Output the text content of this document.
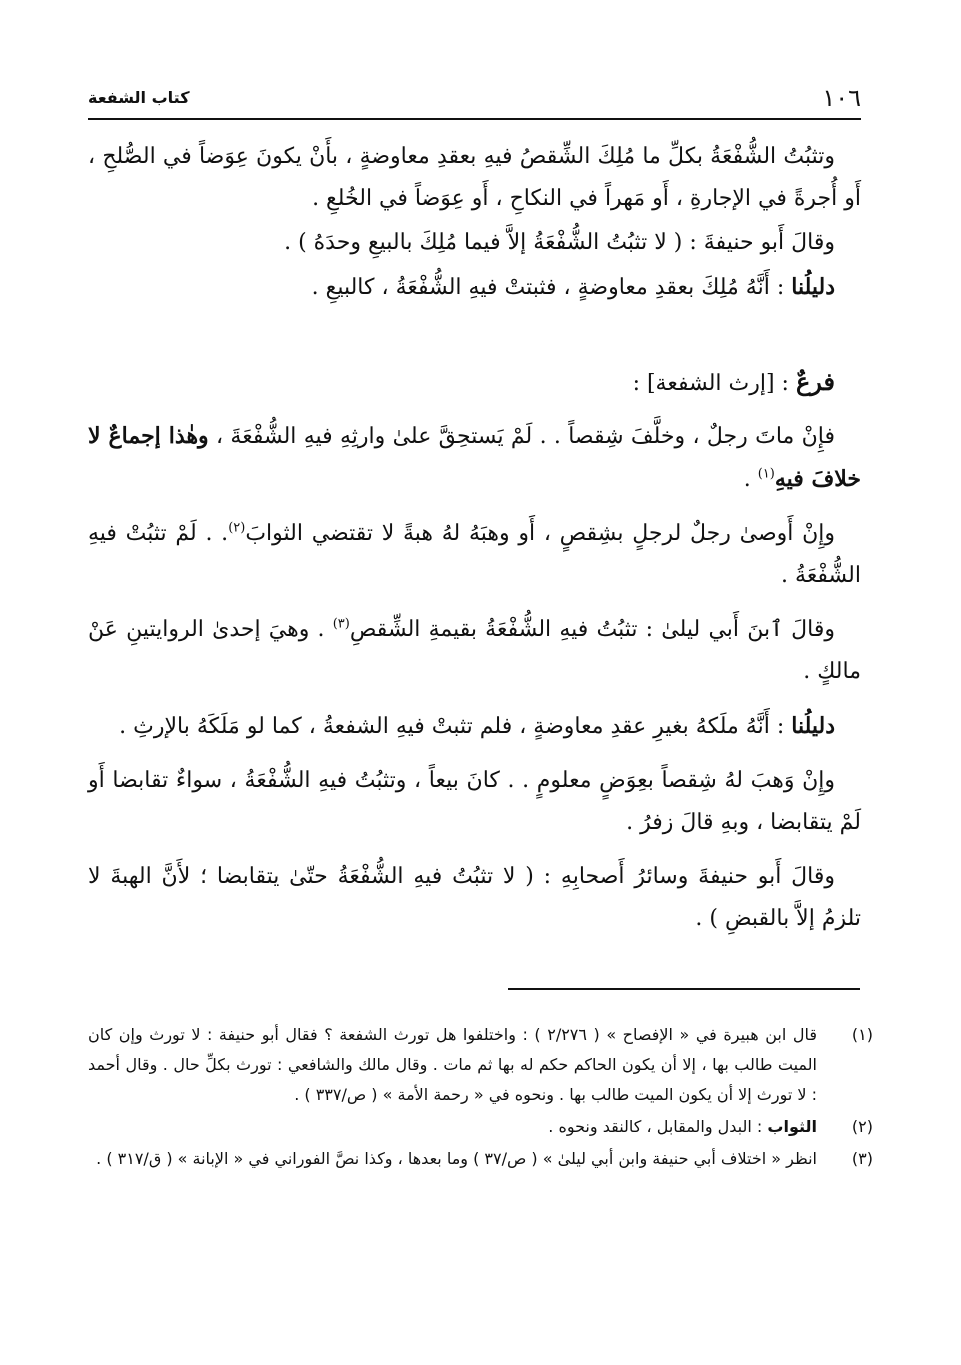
١٠٦
كتاب الشفعة

وتثبُتُ الشُّفْعَةُ بكلِّ ما مُلِكَ الشِّقصُ فيهِ بعقدِ معاوضةٍ ، بأَنْ يكونَ عِوَضاً في الصُّلحِ ، أَو أُجرةً في الإجارةِ ، أَو مَهراً في النكاحِ ، أَو عِوَضاً في الخُلعِ .

وقالَ أَبو حنيفةَ : ( لا تثبُتُ الشُّفْعَةُ إلاَّ فيما مُلِكَ بالبيعِ وحدَهُ ) .

دليلُنا : أَنَّهُ مُلِكَ بعقدِ معاوضةٍ ، فثبتتْ فيهِ الشُّفْعَةُ ، كالبيعِ .

فرعٌ : [إرث الشفعة] :

فإِنْ ماتَ رجلٌ ، وخلَّفَ شِقصاً . . لَمْ يَستحِقَّ علىٰ وارثِهِ فيهِ الشُّفْعَةَ ، وهٰذا إجماعٌ لا خلافَ فيهِ$^{(١)}$ .

وإِنْ أَوصىٰ رجلٌ لرجلٍ بشِقصٍ ، أَو وهبَهُ لهُ هبةً لا تقتضي الثوابَ$^{(٢)}$. . لَمْ تثبُتْ فيهِ الشُّفْعَةُ .

وقالَ ٱبنَ أَبي ليلىٰ : تثبُتُ فيهِ الشُّفْعَةُ بقيمةِ الشِّقصِ$^{(٣)}$ . وهيَ إحدىٰ الروايتينِ عَنْ مالكٍ .

دليلُنا : أَنَّهُ ملَكهُ بغيرِ عقدِ معاوضةٍ ، فلم تثبتْ فيهِ الشفعةُ ، كما لو مَلَكَهُ بالإرثِ .

وإِنْ وَهبَ لهُ شِقصاً بعِوَضٍ معلومٍ . . كانَ بيعاً ، وتثبُتُ فيهِ الشُّفْعَةُ ، سواءٌ تقابضا أَو لَمْ يتقابضا ، وبهِ قالَ زفرُ .

وقالَ أَبو حنيفةَ وسائرُ أَصحابِهِ : ( لا تثبُتُ فيهِ الشُّفْعَةُ حتّىٰ يتقابضا ؛ لأَنَّ الهبةَ لا تلزمُ إلاَّ بالقبضِ ) .

(١)
قال ابن هبيرة في « الإفصاح » ( ٢/٢٧٦ ) : واختلفوا هل تورث الشفعة ؟ فقال أبو حنيفة : لا تورث وإن كان الميت طالب بها ، إلا أن يكون الحاكم حكم له بها ثم مات . وقال مالك والشافعي : تورث بكلِّ حال . وقال أحمد : لا تورث إلا أن يكون الميت طالب بها . ونحوه في « رحمة الأمة » ( ص/٣٣٧ ) .
(٢)
الثواب : البدل والمقابل ، كالنقد ونحوه .
(٣)
انظر « اختلاف أبي حنيفة وابن أبي ليلىٰ » ( ص/٣٧ ) وما بعدها ، وكذا نصَّ الفوراني في « الإبانة » ( ق/٣١٧ ) .
